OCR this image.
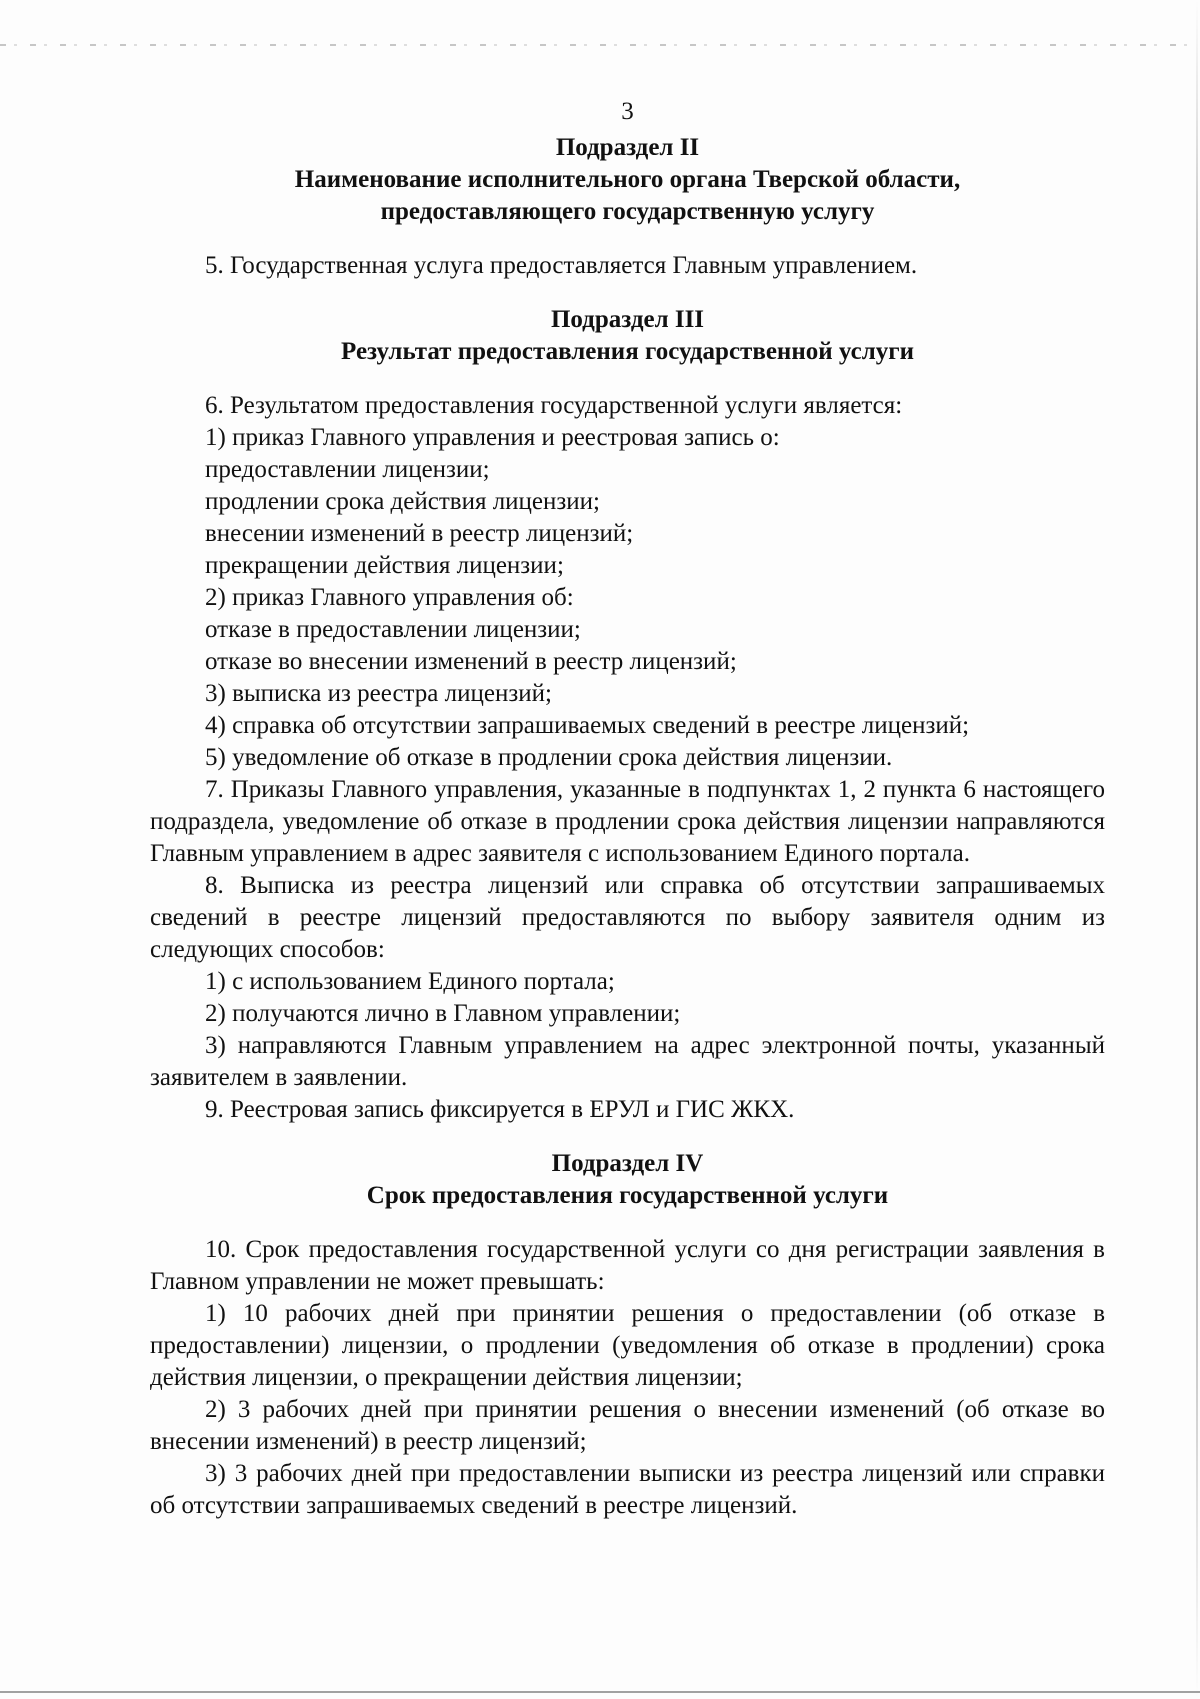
3

Подраздел II

Наименование исполнительного органа Тверской области,

предоставляющего государственную услугу

5. Государственная услуга предоставляется Главным управлением.

Подраздел III

Результат предоставления государственной услуги

6. Результатом предоставления государственной услуги является:

1) приказ Главного управления и реестровая запись о:

предоставлении лицензии;

продлении срока действия лицензии;

внесении изменений в реестр лицензий;

прекращении действия лицензии;

2) приказ Главного управления об:

отказе в предоставлении лицензии;

отказе во внесении изменений в реестр лицензий;

3) выписка из реестра лицензий;

4) справка об отсутствии запрашиваемых сведений в реестре лицензий;

5) уведомление об отказе в продлении срока действия лицензии.

7. Приказы Главного управления, указанные в подпунктах 1, 2 пункта 6 настоящего подраздела, уведомление об отказе в продлении срока действия лицензии направляются Главным управлением в адрес заявителя с использованием Единого портала.

8. Выписка из реестра лицензий или справка об отсутствии запрашиваемых сведений в реестре лицензий предоставляются по выбору заявителя одним из следующих способов:

1) с использованием Единого портала;

2) получаются лично в Главном управлении;

3) направляются Главным управлением на адрес электронной почты, указанный заявителем в заявлении.

9. Реестровая запись фиксируется в ЕРУЛ и ГИС ЖКХ.

Подраздел IV

Срок предоставления государственной услуги

10. Срок предоставления государственной услуги со дня регистрации заявления в Главном управлении не может превышать:

1) 10 рабочих дней при принятии решения о предоставлении (об отказе в предоставлении) лицензии, о продлении (уведомления об отказе в продлении) срока действия лицензии, о прекращении действия лицензии;

2) 3 рабочих дней при принятии решения о внесении изменений (об отказе во внесении изменений) в реестр лицензий;

3) 3 рабочих дней при предоставлении выписки из реестра лицензий или справки об отсутствии запрашиваемых сведений в реестре лицензий.
